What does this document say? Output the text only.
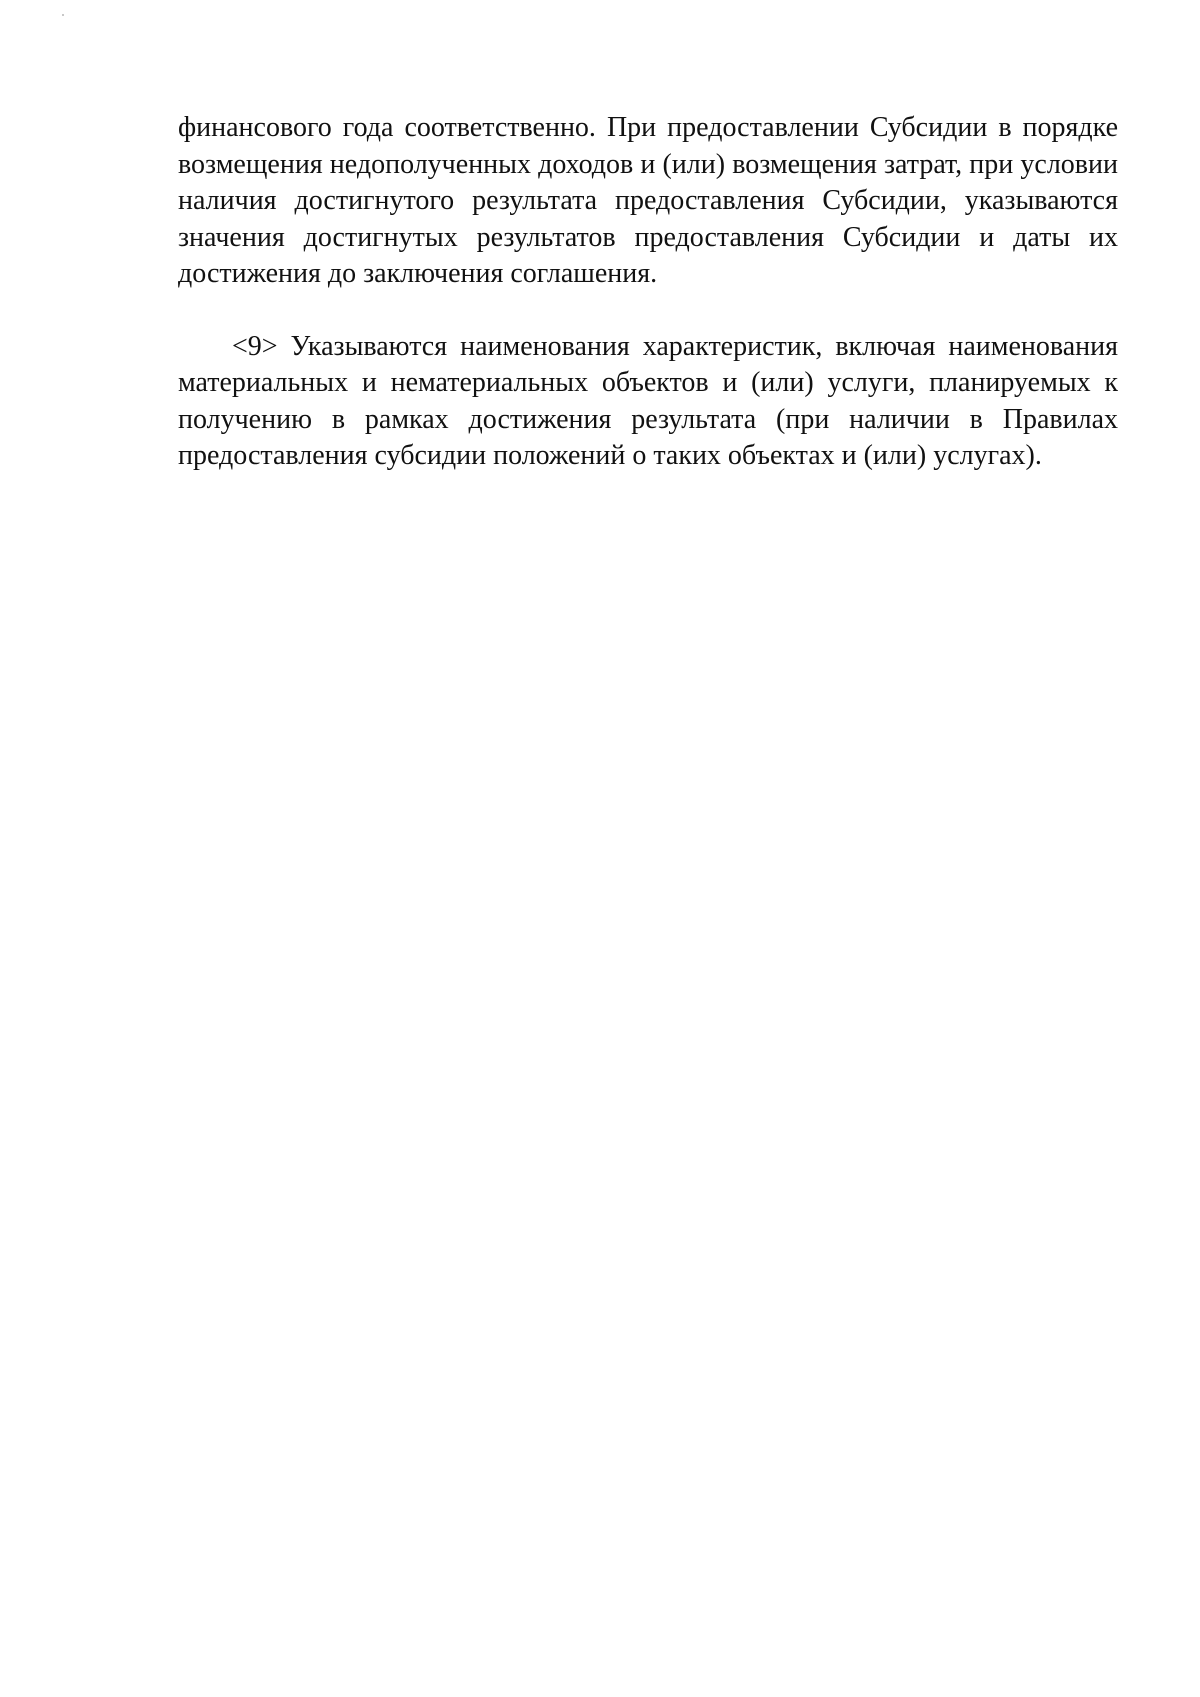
финансового года соответственно. При предоставлении Субсидии в порядке возмещения недополученных доходов и (или) возмещения затрат, при условии наличия достигнутого результата предоставления Субсидии, указываются значения достигнутых результатов предоставления Субсидии и даты их достижения до заключения соглашения.

<9> Указываются наименования характеристик, включая наименования материальных и нематериальных объектов и (или) услуги, планируемых к получению в рамках достижения результата (при наличии в Правилах предоставления субсидии положений о таких объектах и (или) услугах).
